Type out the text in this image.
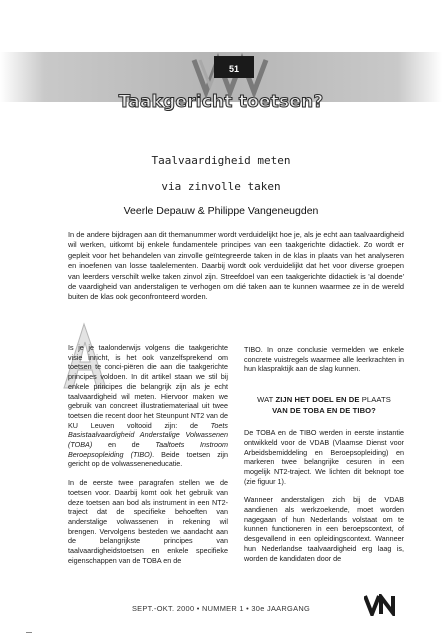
51
Taakgericht toetsen?
Taalvaardigheid meten
via zinvolle taken
Veerle Depauw & Philippe Vangeneugden

In de andere bijdragen aan dit themanummer wordt verduidelijkt hoe je, als je echt aan taalvaardigheid wil werken, uitkomt bij enkele fundamentele principes van een taakgerichte didactiek. Zo wordt er gepleit voor het behandelen van zinvolle geïntegreerde taken in de klas in plaats van het analyseren en inoefenen van losse taalelementen. Daarbij wordt ook verduidelijkt dat het voor diverse groepen van leerders verschilt welke taken zinvol zijn. Streefdoel van een taakgerichte didactiek is 'al doende' de vaardigheid van anderstaligen te verhogen om dié taken aan te kunnen waarmee ze in de wereld buiten de klas ook geconfronteerd worden.

Is je je taalonderwijs volgens die taakgerichte visie inricht, is het ook vanzelfsprekend om toetsen te conci-piëren die aan die taakgerichte principes voldoen. In dit artikel staan we stil bij enkele principes die belangrijk zijn als je echt taalvaardigheid wil meten. Hiervoor maken we gebruik van concreet illustratiemateriaal uit twee toetsen die recent door het Steunpunt NT2 van de KU Leuven voltooid zijn: de Toets Basistaalvaardigheid Anderstalige Volwassenen (TOBA) en de Taaltoets Instroom Beroepsopleiding (TIBO). Beide toetsen zijn gericht op de volwasseneneducatie.

In de eerste twee paragrafen stellen we de toetsen voor. Daarbij komt ook het gebruik van deze toetsen aan bod als instrument in een NT2-traject dat de specifieke behoeften van anderstalige volwassenen in rekening wil brengen. Vervolgens besteden we aandacht aan de belangrijkste principes van taalvaardigheidstoetsen en enkele specifieke eigenschappen van de TOBA en de

TIBO. In onze conclusie vermelden we enkele concrete vuistregels waarmee alle leerkrachten in hun klaspraktijk aan de slag kunnen.

WAT ZIJN HET DOEL EN DE PLAATS
VAN DE TOBA EN DE TIBO?

De TOBA en de TIBO werden in eerste instantie ontwikkeld voor de VDAB (Vlaamse Dienst voor Arbeidsbemiddeling en Beroepsopleiding) en markeren twee belangrijke cesuren in een mogelijk NT2-traject. We lichten dit beknopt toe (zie figuur 1).

Wanneer anderstaligen zich bij de VDAB aandienen als werkzoekende, moet worden nagegaan of hun Nederlands volstaat om te kunnen functioneren in een beroepscontext, of desgevallend in een opleidingscontext. Wanneer hun Nederlandse taalvaardigheid erg laag is, worden de kandidaten door de

SEPT.-OKT. 2000 • NUMMER 1 • 30e JAARGANG
VN
